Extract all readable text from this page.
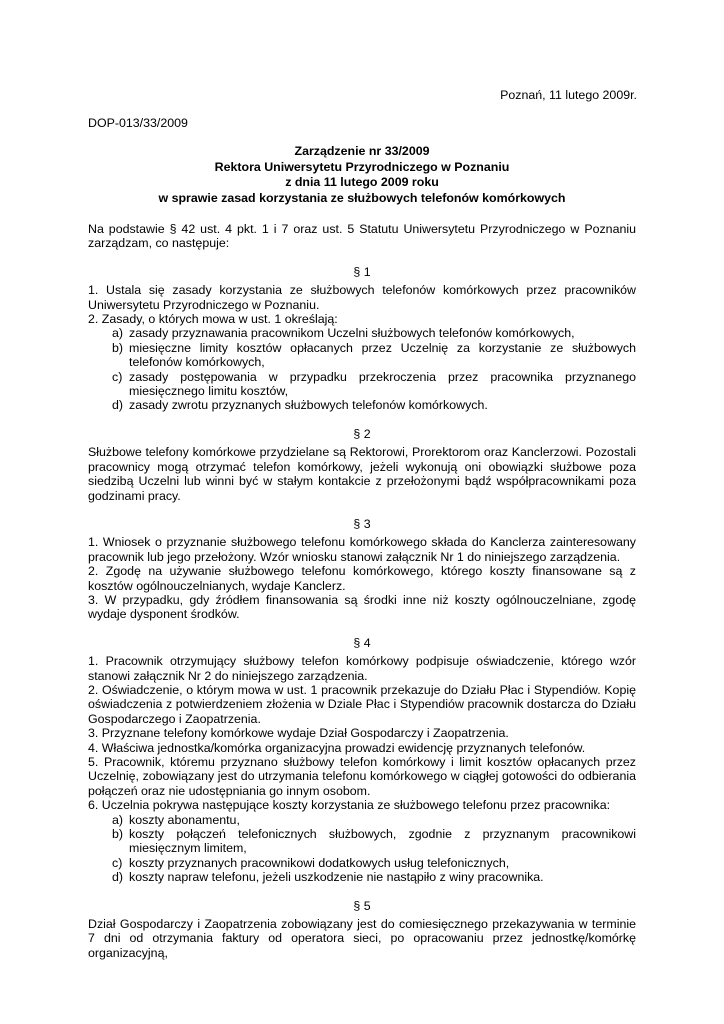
Poznań, 11 lutego 2009r.
DOP-013/33/2009
Zarządzenie nr 33/2009
Rektora Uniwersytetu Przyrodniczego w Poznaniu
z dnia 11 lutego 2009 roku
w sprawie zasad korzystania ze służbowych telefonów komórkowych

Na podstawie § 42 ust. 4 pkt. 1 i 7 oraz ust. 5 Statutu Uniwersytetu Przyrodniczego w Poznaniu zarządzam, co następuje:

§ 1

1. Ustala się zasady korzystania ze służbowych telefonów komórkowych przez pracowników Uniwersytetu Przyrodniczego w Poznaniu.

2. Zasady, o których mowa w ust. 1 określają:

a) zasady przyznawania pracownikom Uczelni służbowych telefonów komórkowych,
b) miesięczne limity kosztów opłacanych przez Uczelnię za korzystanie ze służbowych telefonów komórkowych,
c) zasady postępowania w przypadku przekroczenia przez pracownika przyznanego miesięcznego limitu kosztów,
d) zasady zwrotu przyznanych służbowych telefonów komórkowych.
§ 2

Służbowe telefony komórkowe przydzielane są Rektorowi, Prorektorom oraz Kanclerzowi. Pozostali pracownicy mogą otrzymać telefon komórkowy, jeżeli wykonują oni obowiązki służbowe poza siedzibą Uczelni lub winni być w stałym kontakcie z przełożonymi bądź współpracownikami poza godzinami pracy.

§ 3

1. Wniosek o przyznanie służbowego telefonu komórkowego składa do Kanclerza zainteresowany pracownik lub jego przełożony. Wzór wniosku stanowi załącznik Nr 1 do niniejszego zarządzenia.

2. Zgodę na używanie służbowego telefonu komórkowego, którego koszty finansowane są z kosztów ogólnouczelnianych, wydaje Kanclerz.

3. W przypadku, gdy źródłem finansowania są środki inne niż koszty ogólnouczelniane, zgodę wydaje dysponent środków.

§ 4

1. Pracownik otrzymujący służbowy telefon komórkowy podpisuje oświadczenie, którego wzór stanowi załącznik Nr 2 do niniejszego zarządzenia.

2. Oświadczenie, o którym mowa w ust. 1 pracownik przekazuje do Działu Płac i Stypendiów. Kopię oświadczenia z potwierdzeniem złożenia w Dziale Płac i Stypendiów pracownik dostarcza do Działu Gospodarczego i Zaopatrzenia.

3. Przyznane telefony komórkowe wydaje Dział Gospodarczy i Zaopatrzenia.

4. Właściwa jednostka/komórka organizacyjna prowadzi ewidencję przyznanych telefonów.

5. Pracownik, któremu przyznano służbowy telefon komórkowy i limit kosztów opłacanych przez Uczelnię, zobowiązany jest do utrzymania telefonu komórkowego w ciągłej gotowości do odbierania połączeń oraz nie udostępniania go innym osobom.

6. Uczelnia pokrywa następujące koszty korzystania ze służbowego telefonu przez pracownika:

a) koszty abonamentu,
b) koszty połączeń telefonicznych służbowych, zgodnie z przyznanym pracownikowi miesięcznym limitem,
c) koszty przyznanych pracownikowi dodatkowych usług telefonicznych,
d) koszty napraw telefonu, jeżeli uszkodzenie nie nastąpiło z winy pracownika.
§ 5

Dział Gospodarczy i Zaopatrzenia zobowiązany jest do comiesięcznego przekazywania w terminie 7 dni od otrzymania faktury od operatora sieci, po opracowaniu przez jednostkę/komórkę organizacyjną,
